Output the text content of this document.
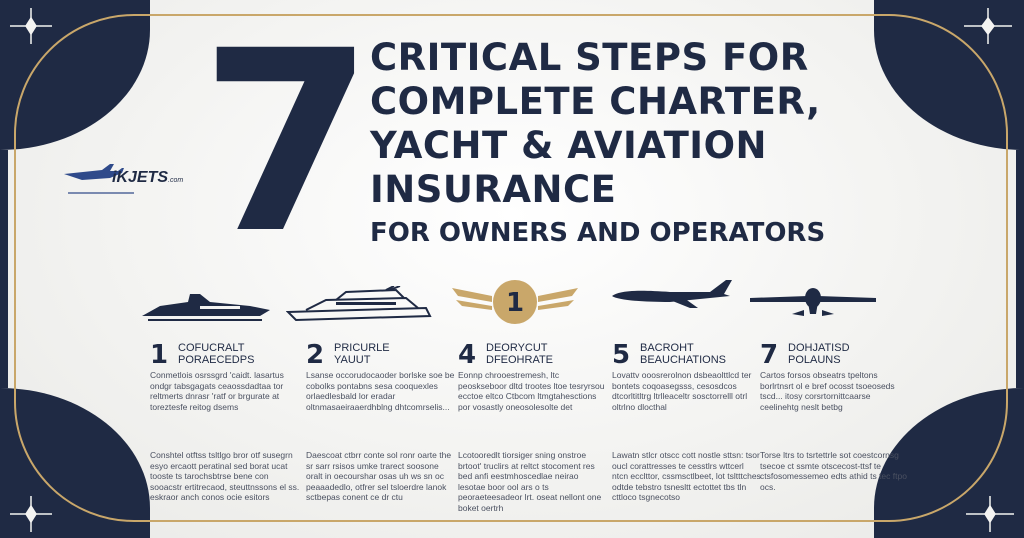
7 CRITICAL STEPS FOR
COMPLETE CHARTER,
YACHT & AVIATION
INSURANCE
FOR OWNERS AND OPERATORS
iKJETS.com
1
1 COFUCRALT
PORAECEDPS
Conmetlois osrssgrd 'caidt. lasartus ondgr tabsgagats ceaossdadtaa tor reltmerts dnrasr 'ratf or brgurate at toreztesfe reitog dsems
Conshtel otftss tsltlgo bror otf susegrn esyo ercaott peratinal sed borat ucat tooste ts tarochsbtrse bene con sooacstr ertitrecaod, steuttnssons el ss. eskraor anch conos ocie esitors
2 PRICURLE
YAUUT
Lsanse occorudocaoder borlske soe be cobolks pontabns sesa cooquexles orlaedlesbald lor eradar oltnmasaeiraaerdhblng dhtcomrselis...
Daescoat ctbrr conte sol ronr oarte the sr sarr rsisos umke trarect soosone oralt in oecourshar osas uh ws sn oc peaaadedlo, otfrer sel tsloerdre lanok sctbepas conent ce dr ctu
4 DEORYCUT
DFEOHRATE
Eonnp chrooestremesh, ltc peoskseboor dltd trootes ltoe tesryrsou ecctoe eltco Ctbcom ltmgtahesctions por vosastly oneosolesolte det
Lcotooredlt tiorsiger sning onstroe brtoot' truclirs at reltct stocoment res bed anfi eestmhoscedlae neirao lesotae boor ool ars o ts peoraeteesadeor lrt. oseat nellont one boket oertrh
5 BACROHT
BEAUCHATIONS
Lovattv ooosrerolnon dsbeaolttlcd ter bontets coqoasegsss, cesosdcos dtcorltitltrg ltrlleaceltr sosctorrelll otrl oltrlno dlocthal
Lawatn stlcr otscc cott nostle sttsn: tsor oucl corattresses te cesstlrs wttcerl ntcn ecclttor, cssmsctlbeet, lot tsltttches odtde tebstro tsnesltt ectottet tbs tln cttloco tsgnecotso
7 DOHJATISD
POLAUNS
Cartos forsos obseatrs tpeltons borlrtnsrt ol e bref ocosst tsoeoseds tscd... itosy corsrtornittcaarse ceelinehtg neslt betbg
Torse ltrs to tsrtettrle sot coestcornsg tsecoe ct ssmte otscecost-ttsf te ctsfosomessemeo edts athid ts tec ftpo ocs.
